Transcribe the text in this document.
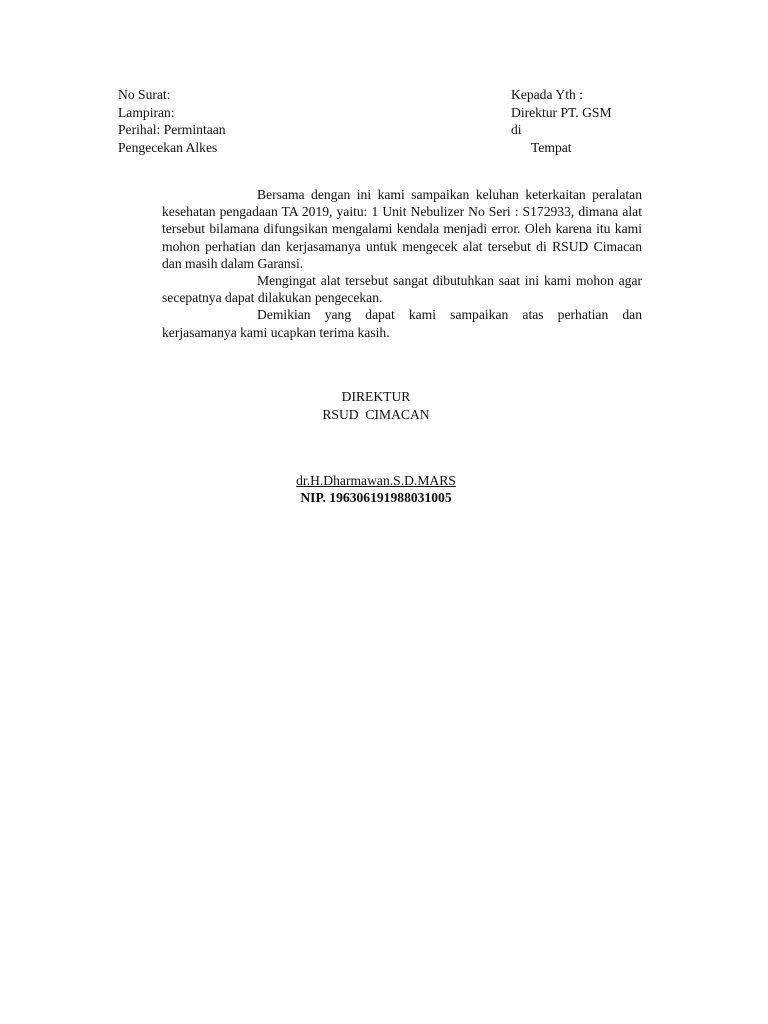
No Surat:
Lampiran:
Perihal: Permintaan
Pengecekan Alkes
Kepada Yth :
Direktur PT. GSM
di
Tempat

Bersama dengan ini kami sampaikan keluhan keterkaitan peralatan kesehatan pengadaan TA 2019, yaitu: 1 Unit Nebulizer No Seri : S172933, dimana alat tersebut bilamana difungsikan mengalami kendala menjadi error. Oleh karena itu kami mohon perhatian dan kerjasamanya untuk mengecek alat tersebut di RSUD Cimacan dan masih dalam Garansi.

Mengingat alat tersebut sangat dibutuhkan saat ini kami mohon agar secepatnya dapat dilakukan pengecekan.

Demikian yang dapat kami sampaikan atas perhatian dan kerjasamanya kami ucapkan terima kasih.

DIREKTUR
RSUD  CIMACAN
dr.H.Dharmawan.S.D.MARS
NIP. 196306191988031005
